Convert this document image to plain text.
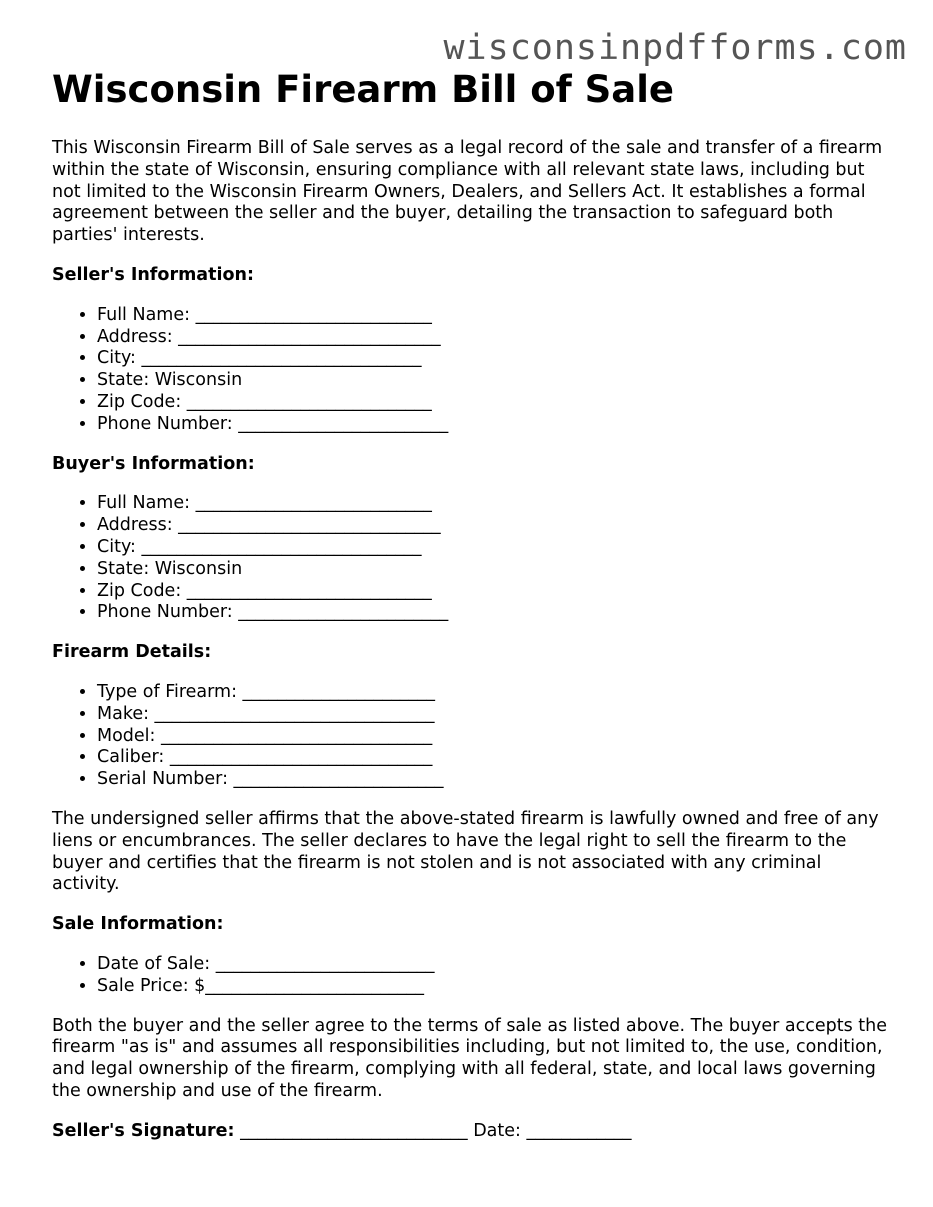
wisconsinpdfforms.com
Wisconsin Firearm Bill of Sale

This Wisconsin Firearm Bill of Sale serves as a legal record of the sale and transfer of a firearm within the state of Wisconsin, ensuring compliance with all relevant state laws, including but not limited to the Wisconsin Firearm Owners, Dealers, and Sellers Act. It establishes a formal agreement between the seller and the buyer, detailing the transaction to safeguard both parties' interests.

Seller's Information:
• Full Name: ___________________________
• Address: ______________________________
• City: ________________________________
• State: Wisconsin
• Zip Code: ____________________________
• Phone Number: ________________________
Buyer's Information:
• Full Name: ___________________________
• Address: ______________________________
• City: ________________________________
• State: Wisconsin
• Zip Code: ____________________________
• Phone Number: ________________________
Firearm Details:
• Type of Firearm: ______________________
• Make: ________________________________
• Model: _______________________________
• Caliber: ______________________________
• Serial Number: ________________________

The undersigned seller affirms that the above-stated firearm is lawfully owned and free of any liens or encumbrances. The seller declares to have the legal right to sell the firearm to the buyer and certifies that the firearm is not stolen and is not associated with any criminal activity.

Sale Information:
• Date of Sale: _________________________
• Sale Price: $_________________________

Both the buyer and the seller agree to the terms of sale as listed above. The buyer accepts the firearm "as is" and assumes all responsibilities including, but not limited to, the use, condition, and legal ownership of the firearm, complying with all federal, state, and local laws governing the ownership and use of the firearm.

Seller's Signature: __________________________ Date: ____________
